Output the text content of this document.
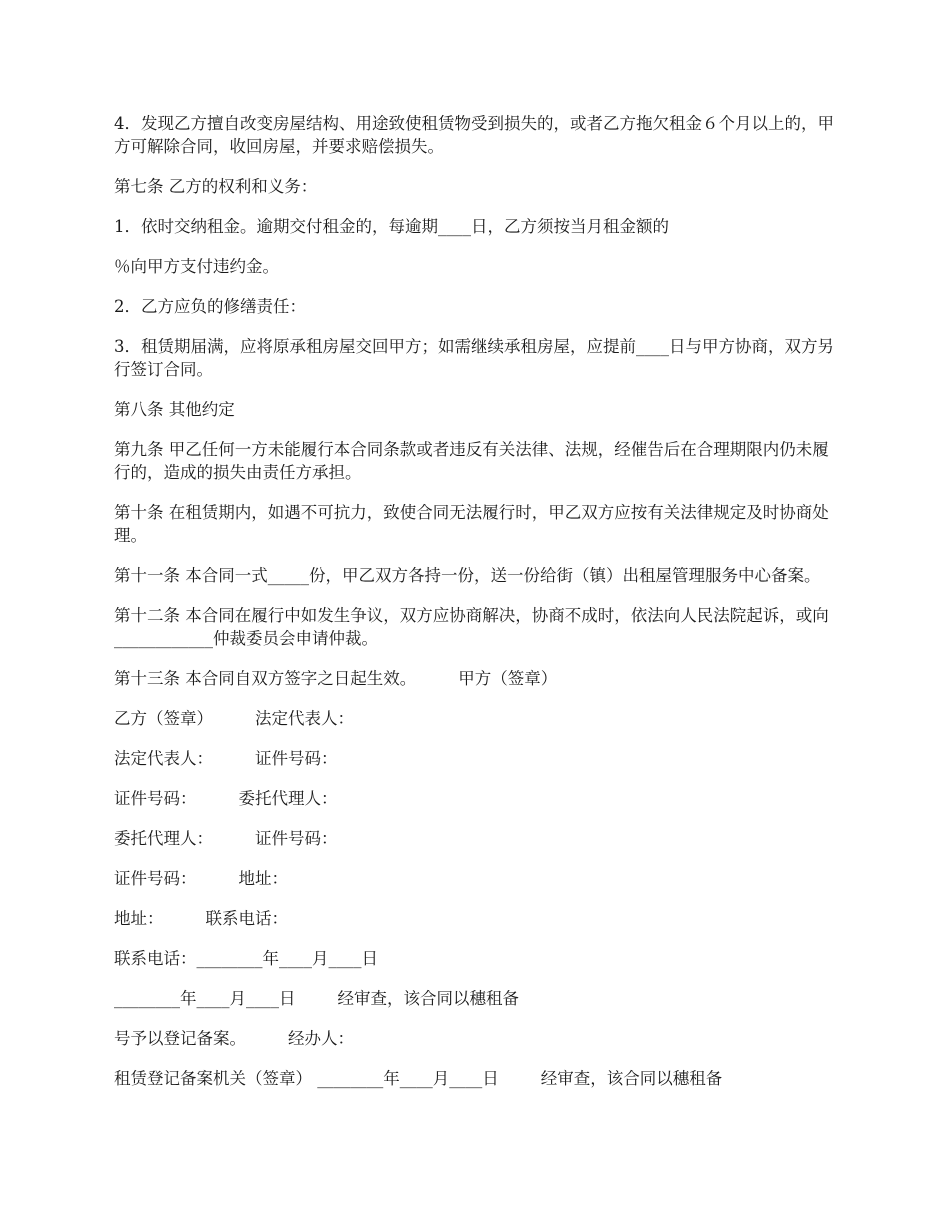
4．发现乙方擅自改变房屋结构、用途致使租赁物受到损失的，或者乙方拖欠租金６个月以上的，甲方可解除合同，收回房屋，并要求赔偿损失。

第七条 乙方的权利和义务：

1．依时交纳租金。逾期交付租金的，每逾期____日，乙方须按当月租金额的

％向甲方支付违约金。

2．乙方应负的修缮责任：

3．租赁期届满，应将原承租房屋交回甲方；如需继续承租房屋，应提前____日与甲方协商，双方另行签订合同。

第八条 其他约定

第九条 甲乙任何一方未能履行本合同条款或者违反有关法律、法规，经催告后在合理期限内仍未履行的，造成的损失由责任方承担。

第十条 在租赁期内，如遇不可抗力，致使合同无法履行时，甲乙双方应按有关法律规定及时协商处理。

第十一条 本合同一式_____份，甲乙双方各持一份，送一份给街（镇）出租屋管理服务中心备案。

第十二条 本合同在履行中如发生争议，双方应协商解决，协商不成时，依法向人民法院起诉，或向____________仲裁委员会申请仲裁。

第十三条 本合同自双方签字之日起生效。        甲方（签章）

乙方（签章）        法定代表人：

法定代表人：        证件号码：

证件号码：        委托代理人：

委托代理人：        证件号码：

证件号码：        地址：

地址：        联系电话：

联系电话：________年____月____日

________年____月____日        经审查，该合同以穗租备

号予以登记备案。        经办人：

租赁登记备案机关（签章） ________年____月____日        经审查，该合同以穗租备
